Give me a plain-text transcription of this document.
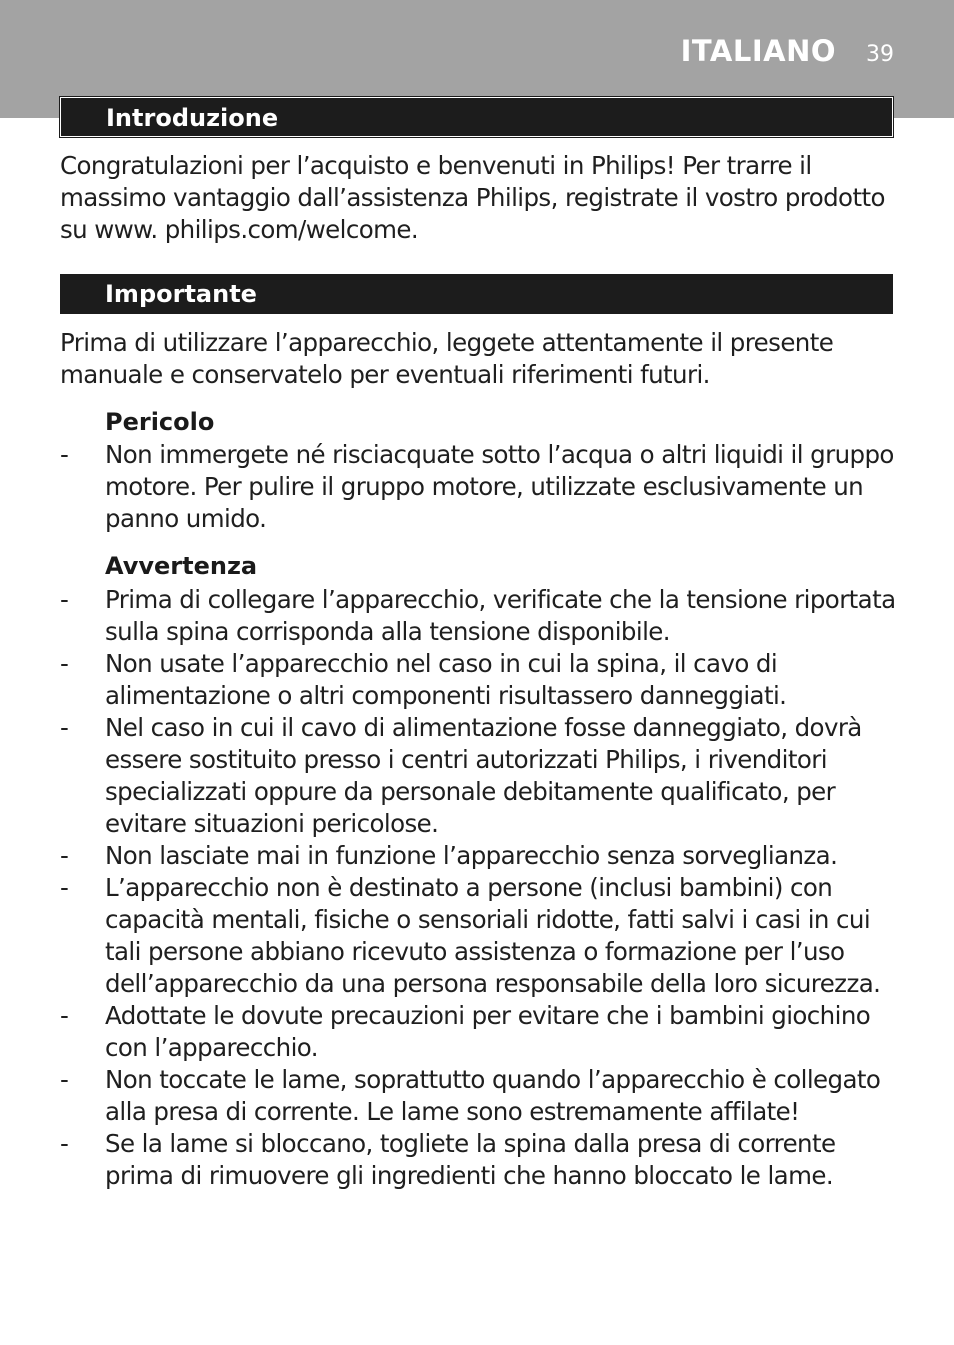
ITALIANO 39
Introduzione

Congratulazioni per l’acquisto e benvenuti in Philips! Per trarre il massimo vantaggio dall’assistenza Philips, registrate il vostro prodotto su www. philips.com/welcome.

Importante

Prima di utilizzare l’apparecchio, leggete attentamente il presente manuale e conservatelo per eventuali riferimenti futuri.

Pericolo
-	Non immergete né risciacquate sotto l’acqua o altri liquidi il gruppo motore. Per pulire il gruppo motore, utilizzate esclusivamente un panno umido.
Avvertenza
-	Prima di collegare l’apparecchio, verificate che la tensione riportata sulla spina corrisponda alla tensione disponibile.
-	Non usate l’apparecchio nel caso in cui la spina, il cavo di alimentazione o altri componenti risultassero danneggiati.
-	Nel caso in cui il cavo di alimentazione fosse danneggiato, dovrà essere sostituito presso i centri autorizzati Philips, i rivenditori specializzati oppure da personale debitamente qualificato, per evitare situazioni pericolose.
-	Non lasciate mai in funzione l’apparecchio senza sorveglianza.
-	L’apparecchio non è destinato a persone (inclusi bambini) con capacità mentali, fisiche o sensoriali ridotte, fatti salvi i casi in cui tali persone abbiano ricevuto assistenza o formazione per l’uso dell’apparecchio da una persona responsabile della loro sicurezza.
-	Adottate le dovute precauzioni per evitare che i bambini giochino con l’apparecchio.
-	Non toccate le lame, soprattutto quando l’apparecchio è collegato alla presa di corrente. Le lame sono estremamente affilate!
-	Se la lame si bloccano, togliete la spina dalla presa di corrente prima di rimuovere gli ingredienti che hanno bloccato le lame.
